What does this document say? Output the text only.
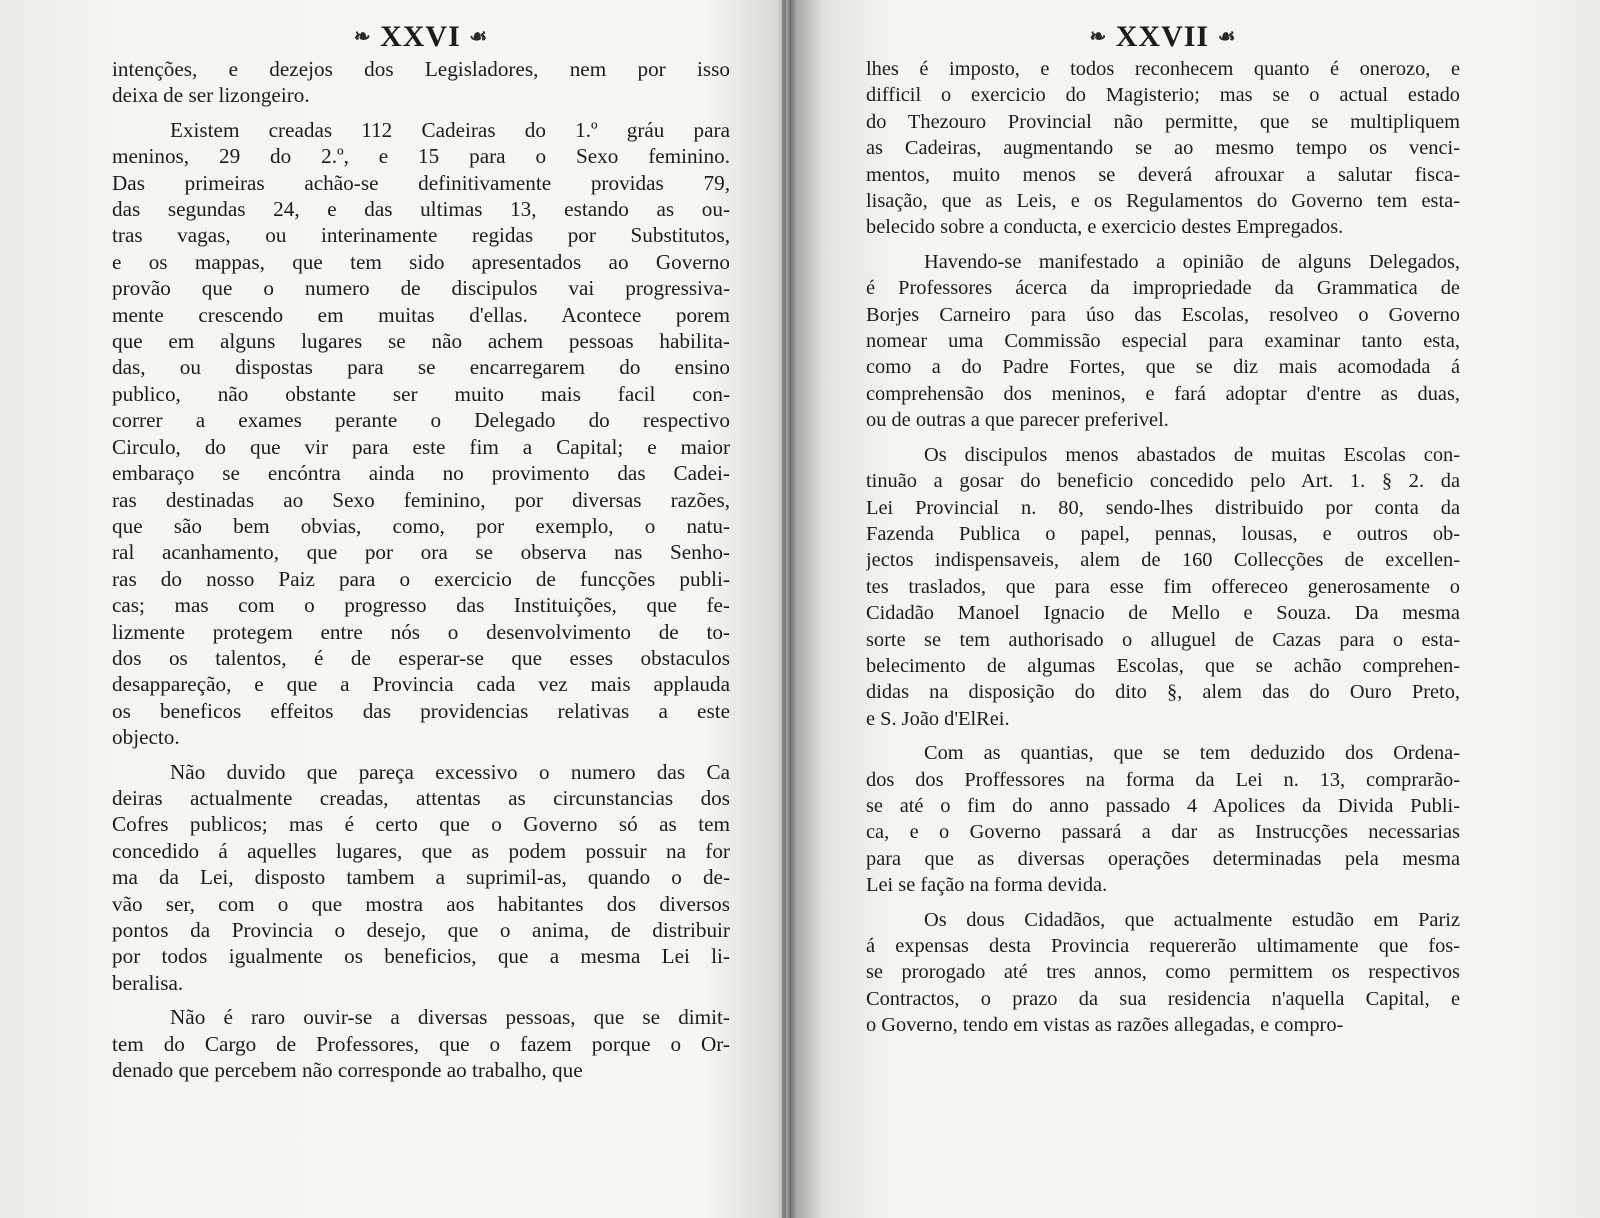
❧ XXVI ☙
intenções, e dezejos dos Legisladores, nem por isso
deixa de ser lizongeiro.
Existem creadas 112 Cadeiras do 1.º gráu para
meninos, 29 do 2.º, e 15 para o Sexo feminino.
Das primeiras achão-se definitivamente providas 79,
das segundas 24, e das ultimas 13, estando as ou-
tras vagas, ou interinamente regidas por Substitutos,
e os mappas, que tem sido apresentados ao Governo
provão que o numero de discipulos vai progressiva-
mente crescendo em muitas d'ellas. Acontece porem
que em alguns lugares se não achem pessoas habilita-
das, ou dispostas para se encarregarem do ensino
publico, não obstante ser muito mais facil con-
correr a exames perante o Delegado do respectivo
Circulo, do que vir para este fim a Capital; e maior
embaraço se encóntra ainda no provimento das Cadei-
ras destinadas ao Sexo feminino, por diversas razões,
que são bem obvias, como, por exemplo, o natu-
ral acanhamento, que por ora se observa nas Senho-
ras do nosso Paiz para o exercicio de funcções publi-
cas; mas com o progresso das Instituições, que fe-
lizmente protegem entre nós o desenvolvimento de to-
dos os talentos, é de esperar-se que esses obstaculos
desappareção, e que a Provincia cada vez mais applauda
os beneficos effeitos das providencias relativas a este
objecto.
Não duvido que pareça excessivo o numero das Ca
deiras actualmente creadas, attentas as circunstancias dos
Cofres publicos; mas é certo que o Governo só as tem
concedido á aquelles lugares, que as podem possuir na for
ma da Lei, disposto tambem a suprimil-as, quando o de-
vão ser, com o que mostra aos habitantes dos diversos
pontos da Provincia o desejo, que o anima, de distribuir
por todos igualmente os beneficios, que a mesma Lei li-
beralisa.
Não é raro ouvir-se a diversas pessoas, que se dimit-
tem do Cargo de Professores, que o fazem porque o Or-
denado que percebem não corresponde ao trabalho, que
❧ XXVII ☙
lhes é imposto, e todos reconhecem quanto é onerozo, e
difficil o exercicio do Magisterio; mas se o actual estado
do Thezouro Provincial não permitte, que se multipliquem
as Cadeiras, augmentando se ao mesmo tempo os venci-
mentos, muito menos se deverá afrouxar a salutar fisca-
lisação, que as Leis, e os Regulamentos do Governo tem esta-
belecido sobre a conducta, e exercicio destes Empregados.
Havendo-se manifestado a opinião de alguns Delegados,
é Professores ácerca da impropriedade da Grammatica de
Borjes Carneiro para úso das Escolas, resolveo o Governo
nomear uma Commissão especial para examinar tanto esta,
como a do Padre Fortes, que se diz mais acomodada á
comprehensão dos meninos, e fará adoptar d'entre as duas,
ou de outras a que parecer preferivel.
Os discipulos menos abastados de muitas Escolas con-
tinuão a gosar do beneficio concedido pelo Art. 1. § 2. da
Lei Provincial n. 80, sendo-lhes distribuido por conta da
Fazenda Publica o papel, pennas, lousas, e outros ob-
jectos indispensaveis, alem de 160 Collecções de excellen-
tes traslados, que para esse fim offereceo generosamente o
Cidadão Manoel Ignacio de Mello e Souza. Da mesma
sorte se tem authorisado o alluguel de Cazas para o esta-
belecimento de algumas Escolas, que se achão comprehen-
didas na disposição do dito §, alem das do Ouro Preto,
e S. João d'ElRei.
Com as quantias, que se tem deduzido dos Ordena-
dos dos Proffessores na forma da Lei n. 13, comprarão-
se até o fim do anno passado 4 Apolices da Divida Publi-
ca, e o Governo passará a dar as Instrucções necessarias
para que as diversas operações determinadas pela mesma
Lei se fação na forma devida.
Os dous Cidadãos, que actualmente estudão em Pariz
á expensas desta Provincia requererão ultimamente que fos-
se prorogado até tres annos, como permittem os respectivos
Contractos, o prazo da sua residencia n'aquella Capital, e
o Governo, tendo em vistas as razões allegadas, e compro-
